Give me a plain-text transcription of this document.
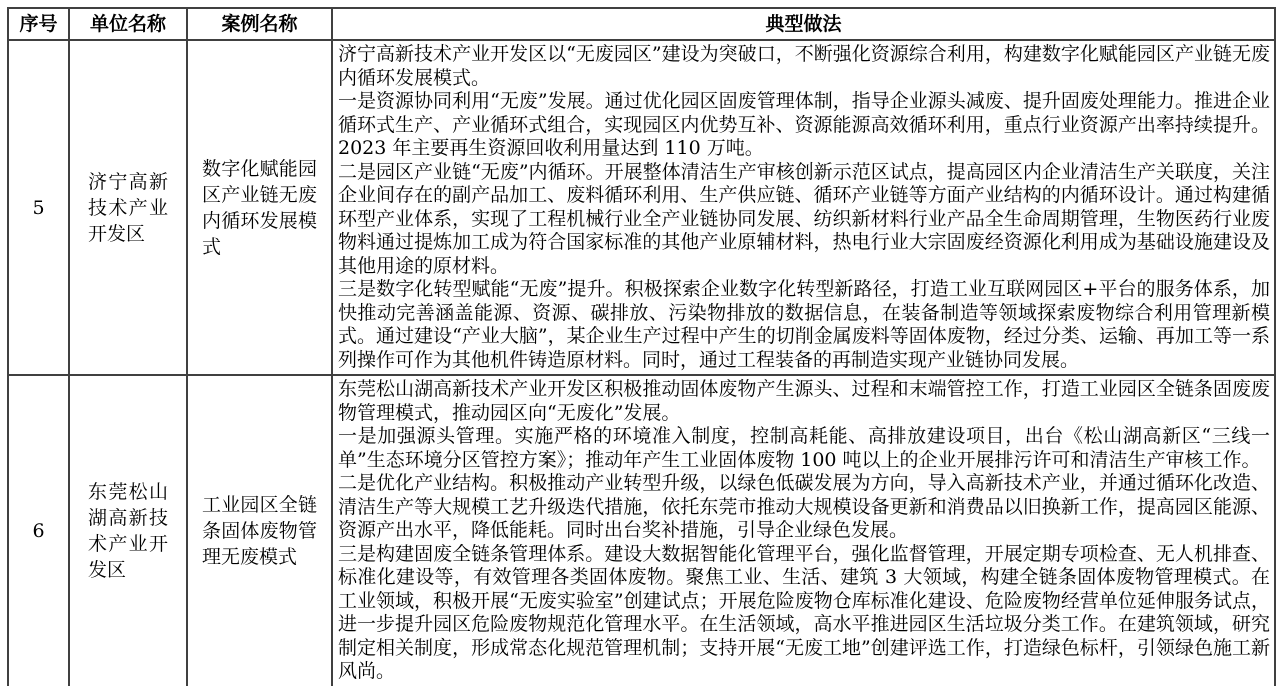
序号	单位名称	案例名称	典型做法
5	济宁高新技术产业开发区	数字化赋能园区产业链无废内循环发展模式	济宁高新技术产业开发区以“无废园区”建设为突破口，不断强化资源综合利用，构建数字化赋能园区产业链无废内循环发展模式。

一是资源协同利用“无废”发展。通过优化园区固废管理体制，指导企业源头减废、提升固废处理能力。推进企业循环式生产、产业循环式组合，实现园区内优势互补、资源能源高效循环利用，重点行业资源产出率持续提升。2023 年主要再生资源回收利用量达到 110 万吨。

二是园区产业链“无废”内循环。开展整体清洁生产审核创新示范区试点，提高园区内企业清洁生产关联度，关注企业间存在的副产品加工、废料循环利用、生产供应链、循环产业链等方面产业结构的内循环设计。通过构建循环型产业体系，实现了工程机械行业全产业链协同发展、纺织新材料行业产品全生命周期管理，生物医药行业废物料通过提炼加工成为符合国家标准的其他产业原辅材料，热电行业大宗固废经资源化利用成为基础设施建设及其他用途的原材料。

三是数字化转型赋能“无废”提升。积极探索企业数字化转型新路径，打造工业互联网园区+平台的服务体系，加快推动完善涵盖能源、资源、碳排放、污染物排放的数据信息，在装备制造等领域探索废物综合利用管理新模式。通过建设“产业大脑”，某企业生产过程中产生的切削金属废料等固体废物，经过分类、运输、再加工等一系列操作可作为其他机件铸造原材料。同时，通过工程装备的再制造实现产业链协同发展。

6	东莞松山湖高新技术产业开发区	工业园区全链条固体废物管理无废模式	东莞松山湖高新技术产业开发区积极推动固体废物产生源头、过程和末端管控工作，打造工业园区全链条固废废物管理模式，推动园区向“无废化”发展。

一是加强源头管理。实施严格的环境准入制度，控制高耗能、高排放建设项目，出台《松山湖高新区“三线一单”生态环境分区管控方案》；推动年产生工业固体废物 100 吨以上的企业开展排污许可和清洁生产审核工作。

二是优化产业结构。积极推动产业转型升级，以绿色低碳发展为方向，导入高新技术产业，并通过循环化改造、清洁生产等大规模工艺升级迭代措施，依托东莞市推动大规模设备更新和消费品以旧换新工作，提高园区能源、资源产出水平，降低能耗。同时出台奖补措施，引导企业绿色发展。

三是构建固废全链条管理体系。建设大数据智能化管理平台，强化监督管理，开展定期专项检查、无人机排查、标准化建设等，有效管理各类固体废物。聚焦工业、生活、建筑 3 大领域，构建全链条固体废物管理模式。在工业领域，积极开展“无废实验室”创建试点；开展危险废物仓库标准化建设、危险废物经营单位延伸服务试点，进一步提升园区危险废物规范化管理水平。在生活领域，高水平推进园区生活垃圾分类工作。在建筑领域，研究制定相关制度，形成常态化规范管理机制；支持开展“无废工地”创建评选工作，打造绿色标杆，引领绿色施工新风尚。
